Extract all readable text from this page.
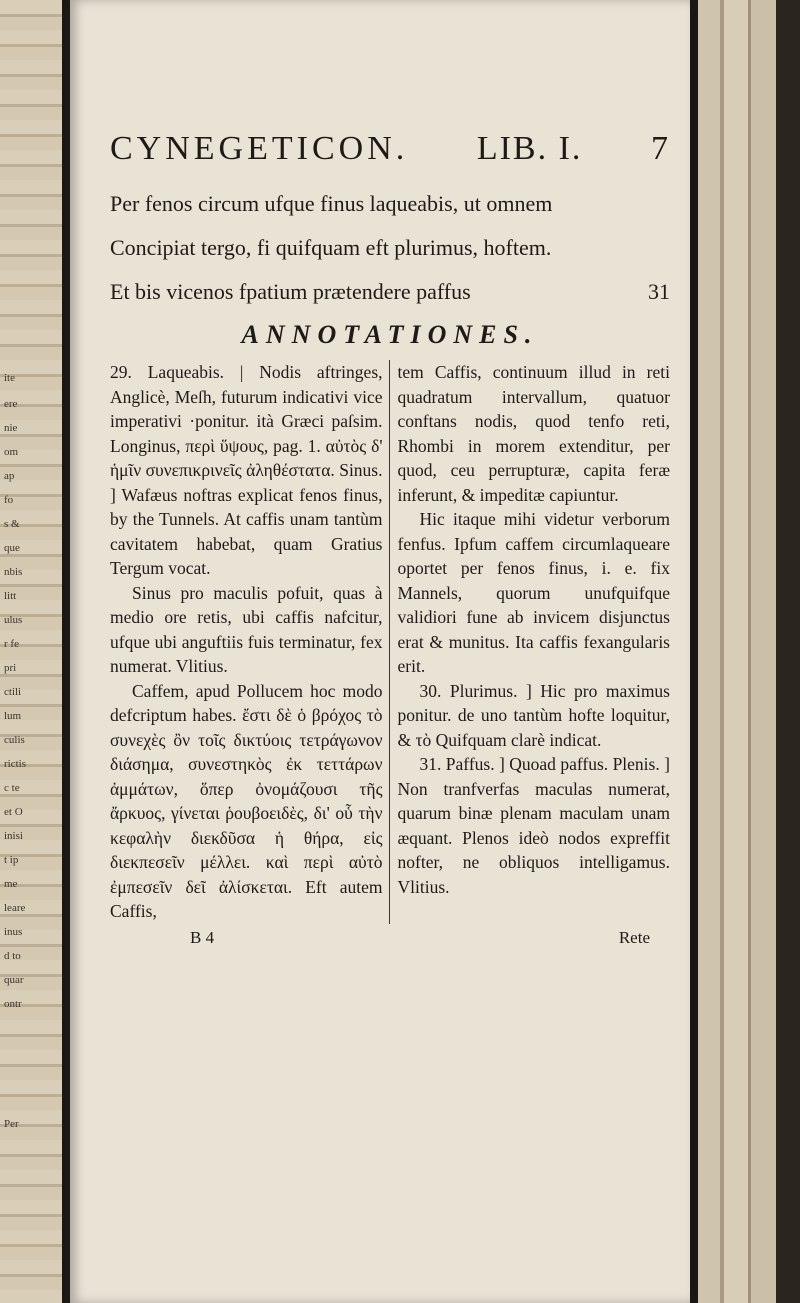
ite
ere
nie
om
ap
fo
s &
que
nbis
litt
ulus
r fe
pri
ctili
lum
culis
rictis
c te
et O
inisi
t ip
me
leare
inus
d to
quar
ontr
Per
CYNEGETICON. LIB. I. 7
Per fenos circum ufque finus laqueabis, ut omnem
Concipiat tergo, fi quifquam eft plurimus, hoftem.
Et bis vicenos fpatium prætendere paffus	31
ANNOTATIONES.

29. Laqueabis. | Nodis aftringes, Anglicè, Meſh, futurum indicativi vice imperativi ·ponitur. ità Græci paſsim. Longinus, περὶ ὕψους, pag. 1. αὐτὸς δ' ἡμῖν συνεπικρινεῖς ἀληθέστατα. Sinus. ] Wafæus noftras explicat fenos finus, by the Tunnels. At caffis unam tantùm cavitatem habebat, quam Gratius Tergum vocat.

Sinus pro maculis pofuit, quas à medio ore retis, ubi caffis nafcitur, ufque ubi anguftiis fuis terminatur, fex numerat. Vlitius.

Caffem, apud Pollucem hoc modo defcriptum habes. ἔστι δὲ ὁ βρόχος τὸ συνεχὲς ὂν τοῖς δικτύοις τετράγωνον διάσημα, συνεστηκὸς ἐκ τεττάρων ἀμμάτων, ὅπερ ὀνομάζουσι τῆς ἄρκυος, γίνεται ῥουβοειδὲς, δι' οὗ τὴν κεφαλὴν διεκδῦσα ἡ θήρα, εἰς διεκπεσεῖν μέλλει. καὶ περὶ αὐτὸ ἐμπεσεῖν δεῖ ἀλίσκεται. Eft autem Caffis,

tem Caffis, continuum illud in reti quadratum intervallum, quatuor conftans nodis, quod tenfo reti, Rhombi in morem extenditur, per quod, ceu perrupturæ, capita feræ inferunt, & impeditæ capiuntur.

Hic itaque mihi videtur verborum fenfus. Ipfum caffem circumlaqueare oportet per fenos finus, i. e. fix Mannels, quorum unufquifque validiori fune ab invicem disjunctus erat & munitus. Ita caffis fexangularis erit.

30. Plurimus. ] Hic pro maximus ponitur. de uno tantùm hofte loquitur, & τὸ Quifquam clarè indicat.

31. Paffus. ] Quoad paffus. Plenis. ] Non tranfverfas maculas numerat, quarum binæ plenam maculam unam æquant. Plenos ideò nodos expreffit nofter, ne obliquos intelligamus. Vlitius.

B 4	Rete
